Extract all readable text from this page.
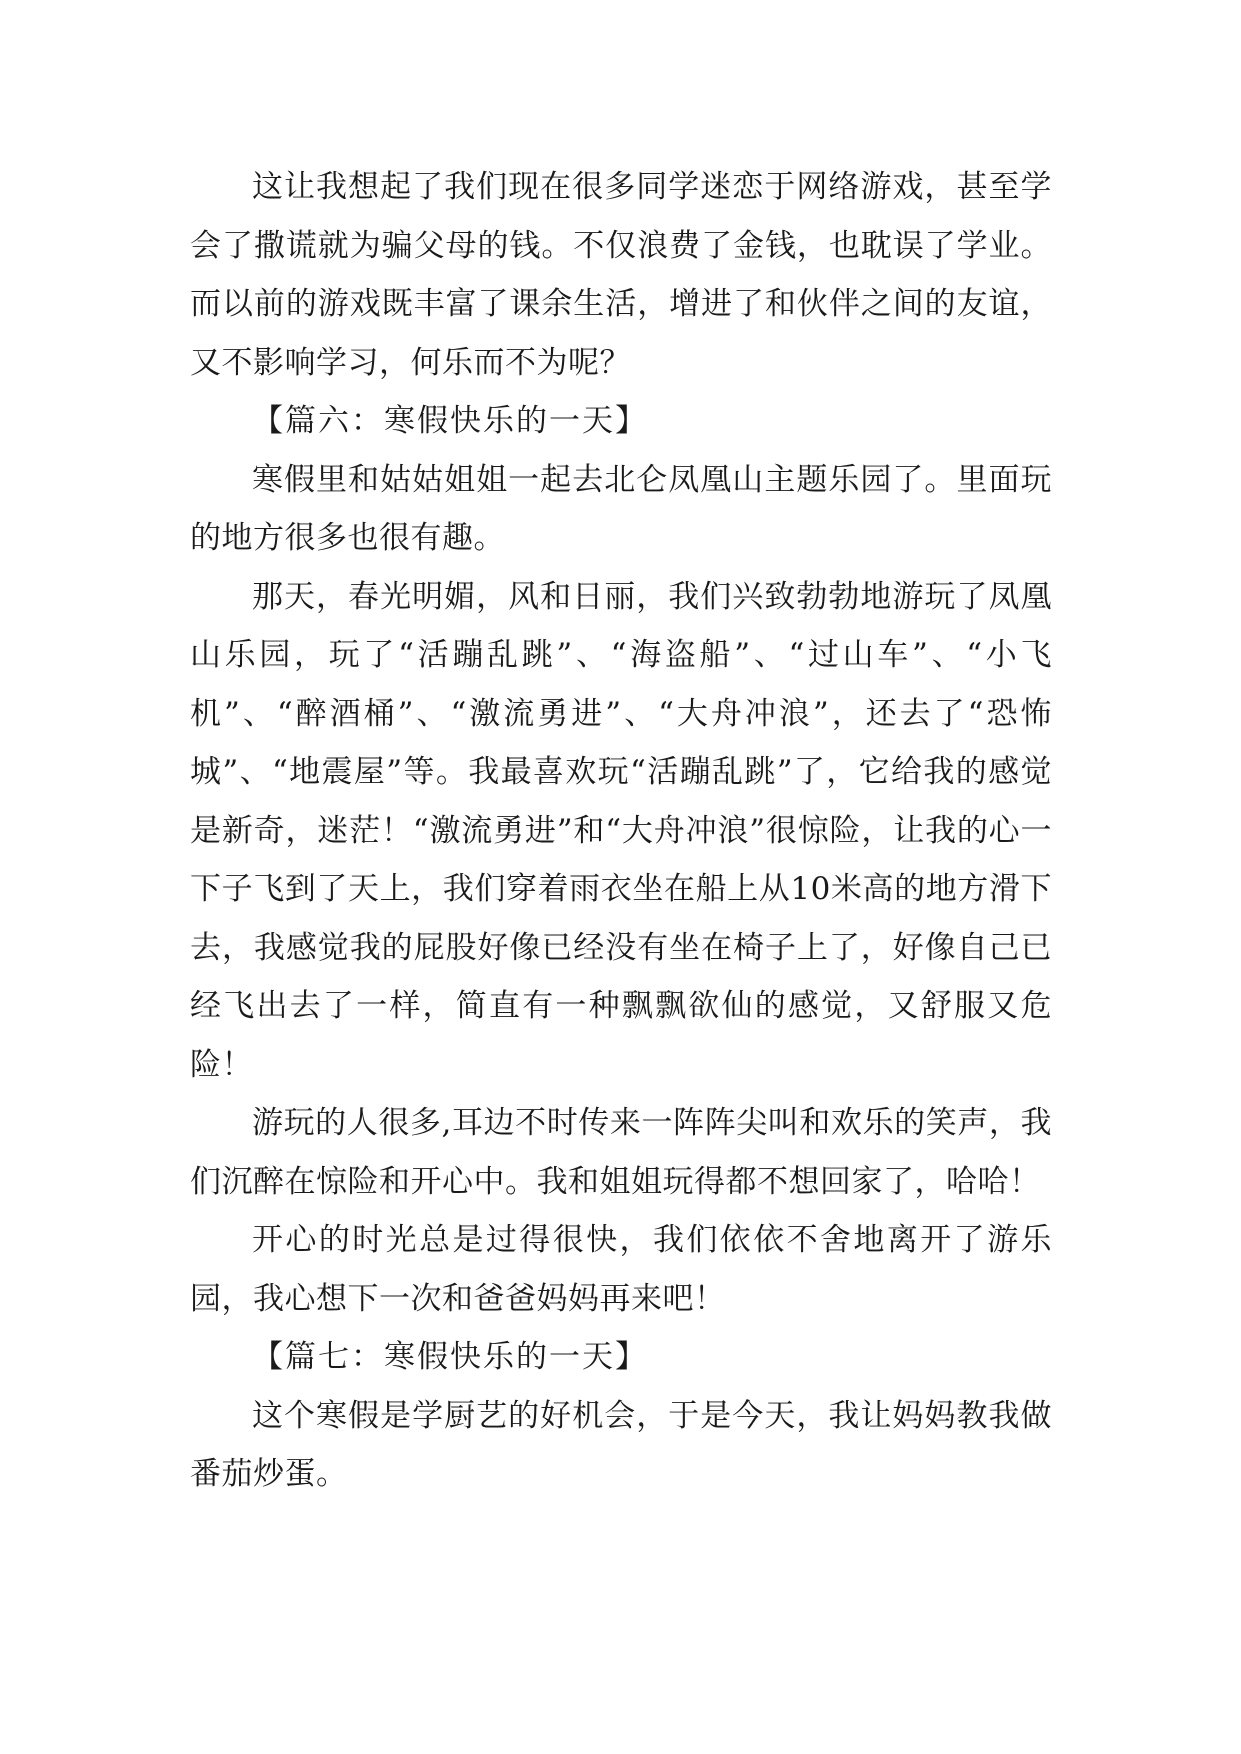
这让我想起了我们现在很多同学迷恋于网络游戏，甚至学会了撒谎就为骗父母的钱。不仅浪费了金钱，也耽误了学业。而以前的游戏既丰富了课余生活，增进了和伙伴之间的友谊，又不影响学习，何乐而不为呢？

【篇六：寒假快乐的一天】

寒假里和姑姑姐姐一起去北仑凤凰山主题乐园了。里面玩的地方很多也很有趣。

那天，春光明媚，风和日丽，我们兴致勃勃地游玩了凤凰山乐园，玩了“活蹦乱跳”、“海盗船”、“过山车”、“小飞机”、“醉酒桶”、“激流勇进”、“大舟冲浪”，还去了“恐怖城”、“地震屋”等。我最喜欢玩“活蹦乱跳”了，它给我的感觉是新奇，迷茫！“激流勇进”和“大舟冲浪”很惊险，让我的心一下子飞到了天上，我们穿着雨衣坐在船上从10米高的地方滑下去，我感觉我的屁股好像已经没有坐在椅子上了，好像自己已经飞出去了一样，简直有一种飘飘欲仙的感觉，又舒服又危险！

游玩的人很多,耳边不时传来一阵阵尖叫和欢乐的笑声，我们沉醉在惊险和开心中。我和姐姐玩得都不想回家了，哈哈！

开心的时光总是过得很快，我们依依不舍地离开了游乐园，我心想下一次和爸爸妈妈再来吧！

【篇七：寒假快乐的一天】

这个寒假是学厨艺的好机会，于是今天，我让妈妈教我做番茄炒蛋。
